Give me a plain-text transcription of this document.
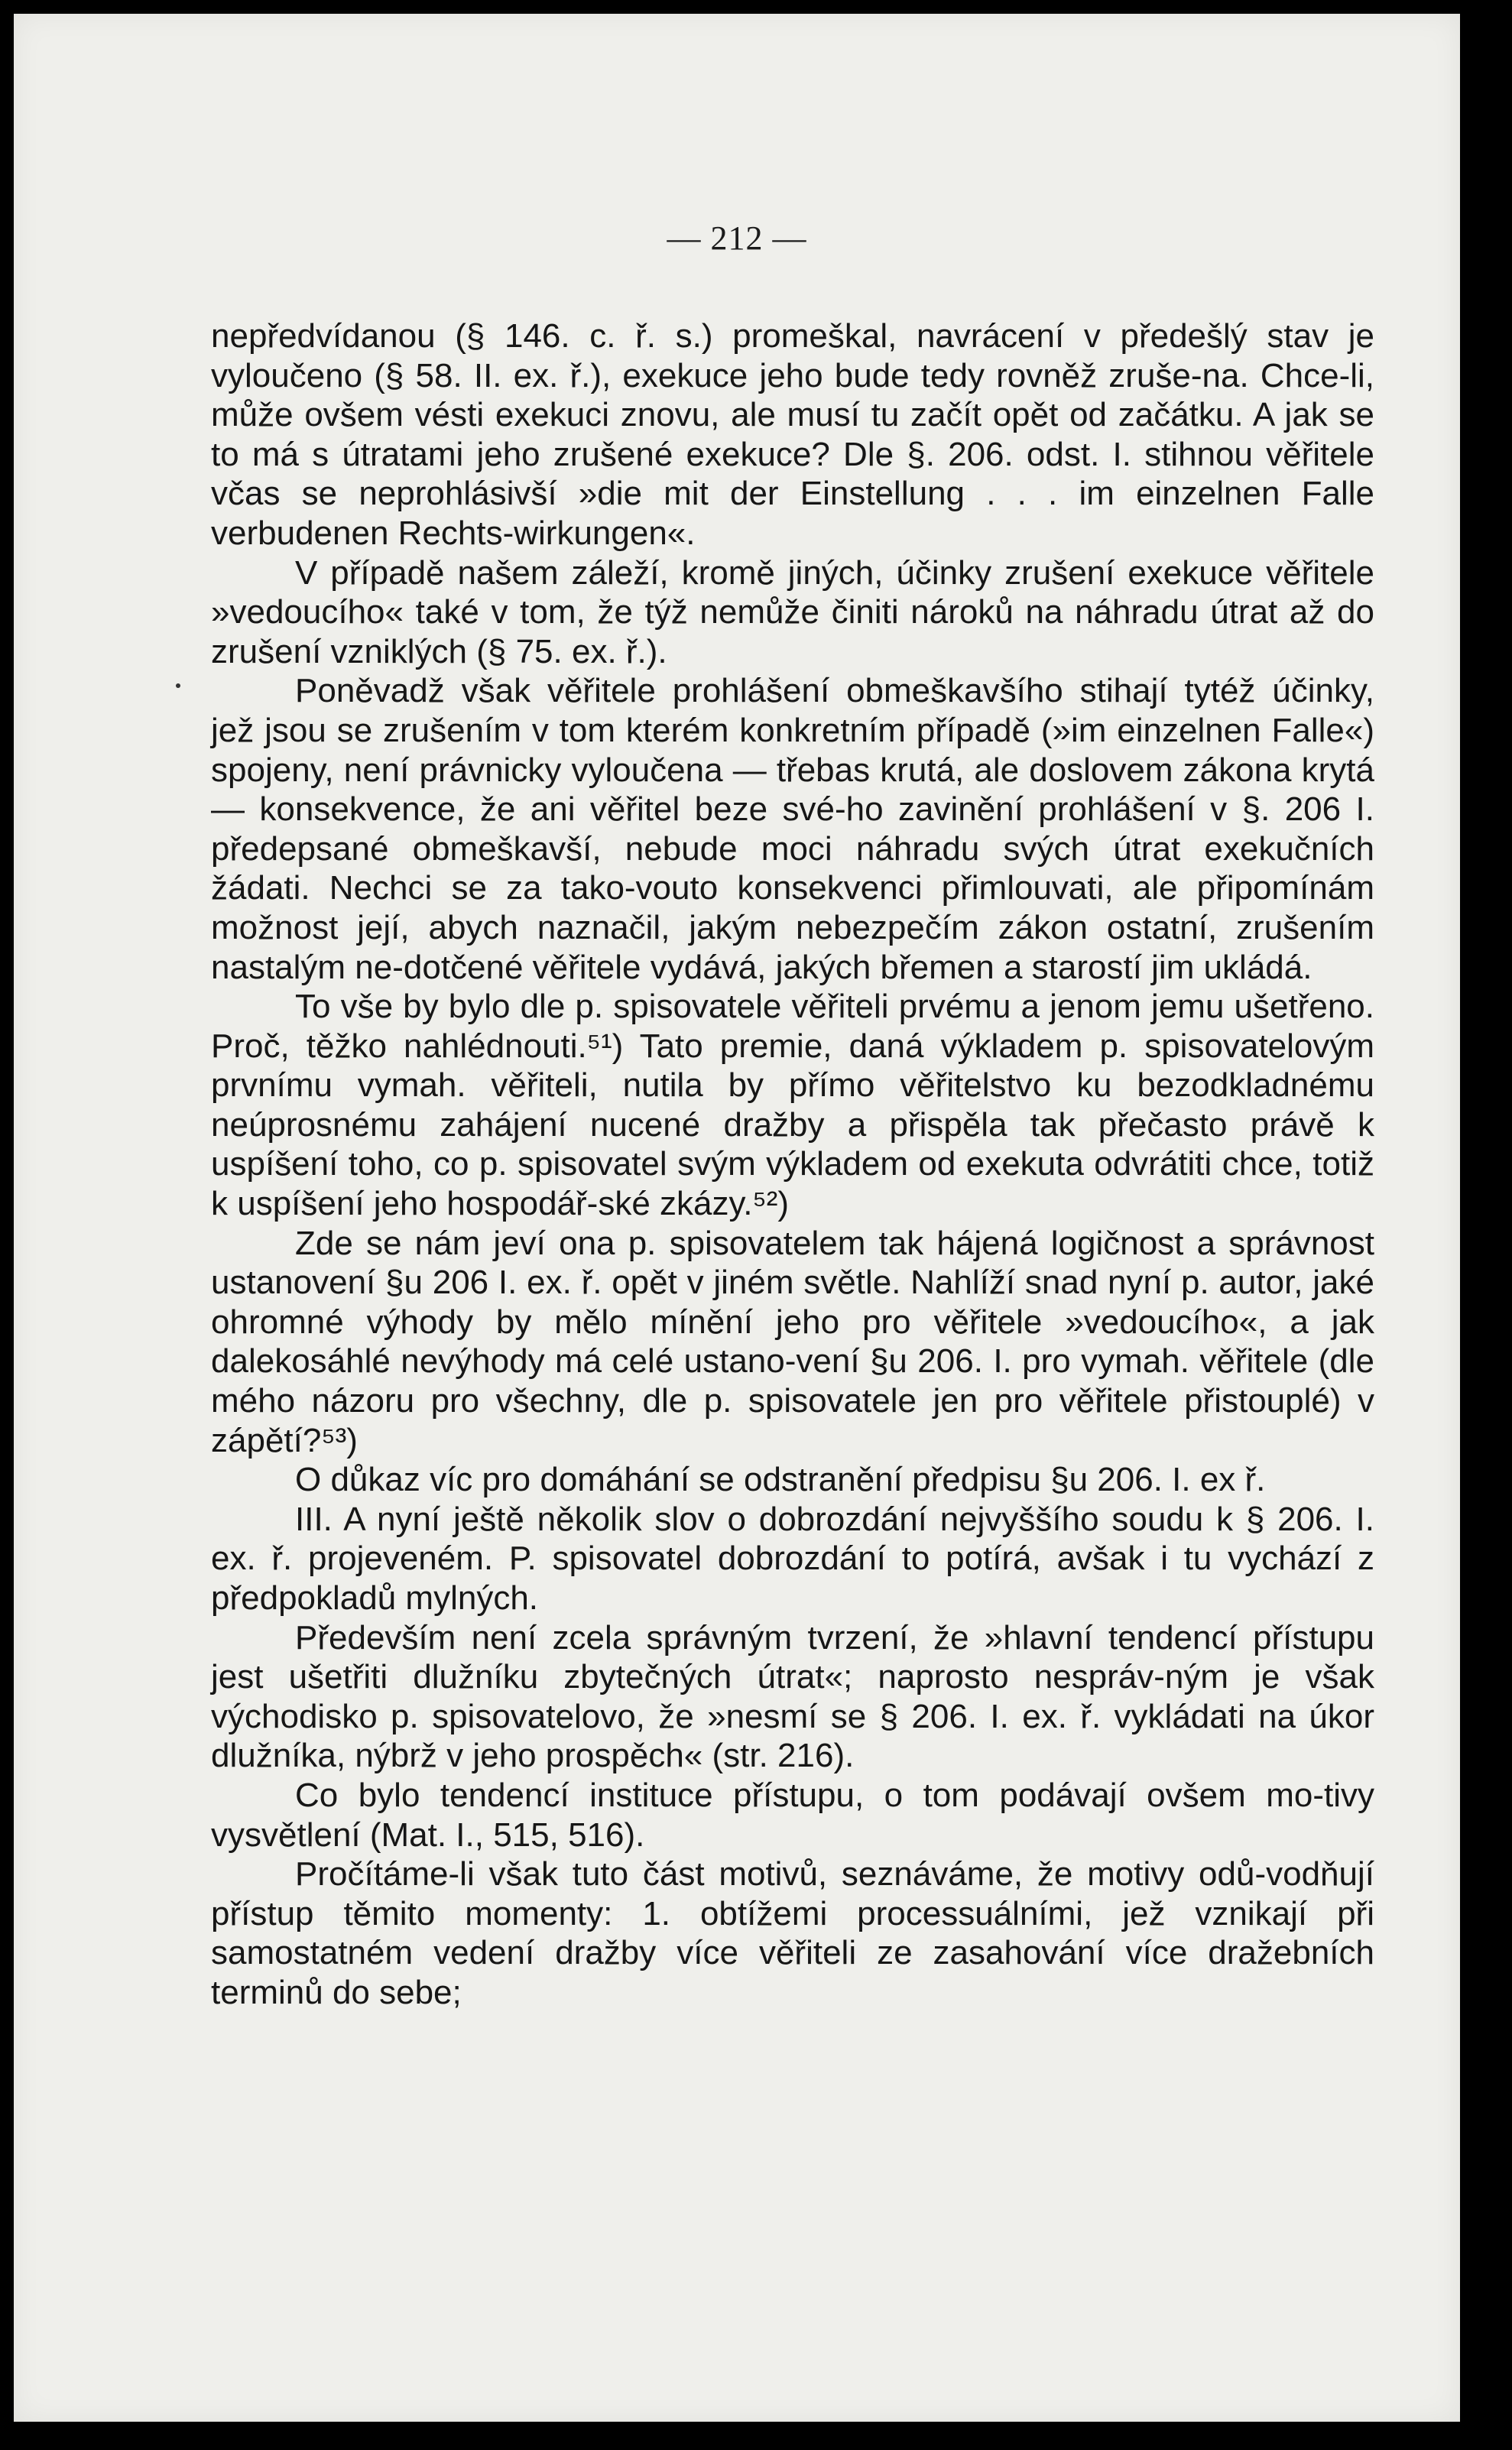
— 212 —

nepředvídanou (§ 146. c. ř. s.) promeškal, navrácení v předešlý stav je vyloučeno (§ 58. II. ex. ř.), exekuce jeho bude tedy rovněž zruše-na. Chce-li, může ovšem vésti exekuci znovu, ale musí tu začít opět od začátku. A jak se to má s útratami jeho zrušené exekuce? Dle §. 206. odst. I. stihnou věřitele včas se neprohlásivší »die mit der Einstellung . . . im einzelnen Falle verbudenen Rechts-wirkungen«.

V případě našem záleží, kromě jiných, účinky zrušení exekuce věřitele »vedoucího« také v tom, že týž nemůže činiti nároků na náhradu útrat až do zrušení vzniklých (§ 75. ex. ř.).

Poněvadž však věřitele prohlášení obmeškavšího stihají tytéž účinky, jež jsou se zrušením v tom kterém konkretním případě (»im einzelnen Falle«) spojeny, není právnicky vyloučena — třebas krutá, ale doslovem zákona krytá — konsekvence, že ani věřitel beze své-ho zavinění prohlášení v §. 206 I. předepsané obmeškavší, nebude moci náhradu svých útrat exekučních žádati. Nechci se za tako-vouto konsekvenci přimlouvati, ale připomínám možnost její, abych naznačil, jakým nebezpečím zákon ostatní, zrušením nastalým ne-dotčené věřitele vydává, jakých břemen a starostí jim ukládá.

To vše by bylo dle p. spisovatele věřiteli prvému a jenom jemu ušetřeno. Proč, těžko nahlédnouti.⁵¹) Tato premie, daná výkladem p. spisovatelovým prvnímu vymah. věřiteli, nutila by přímo věřitelstvo ku bezodkladnému neúprosnému zahájení nucené dražby a přispěla tak přečasto právě k uspíšení toho, co p. spisovatel svým výkladem od exekuta odvrátiti chce, totiž k uspíšení jeho hospodář-ské zkázy.⁵²)

Zde se nám jeví ona p. spisovatelem tak hájená logičnost a správnost ustanovení §u 206 I. ex. ř. opět v jiném světle. Nahlíží snad nyní p. autor, jaké ohromné výhody by mělo mínění jeho pro věřitele »vedoucího«, a jak dalekosáhlé nevýhody má celé ustano-vení §u 206. I. pro vymah. věřitele (dle mého názoru pro všechny, dle p. spisovatele jen pro věřitele přistouplé) v zápětí?⁵³)

O důkaz víc pro domáhání se odstranění předpisu §u 206. I. ex ř.

III. A nyní ještě několik slov o dobrozdání nejvyššího soudu k § 206. I. ex. ř. projeveném. P. spisovatel dobrozdání to potírá, avšak i tu vychází z předpokladů mylných.

Především není zcela správným tvrzení, že »hlavní tendencí přístupu jest ušetřiti dlužníku zbytečných útrat«; naprosto nespráv-ným je však východisko p. spisovatelovo, že »nesmí se § 206. I. ex. ř. vykládati na úkor dlužníka, nýbrž v jeho prospěch« (str. 216).

Co bylo tendencí instituce přístupu, o tom podávají ovšem mo-tivy vysvětlení (Mat. I., 515, 516).

Pročítáme-li však tuto část motivů, seznáváme, že motivy odů-vodňují přístup těmito momenty: 1. obtížemi processuálními, jež vznikají při samostatném vedení dražby více věřiteli ze zasahování více dražebních terminů do sebe;
